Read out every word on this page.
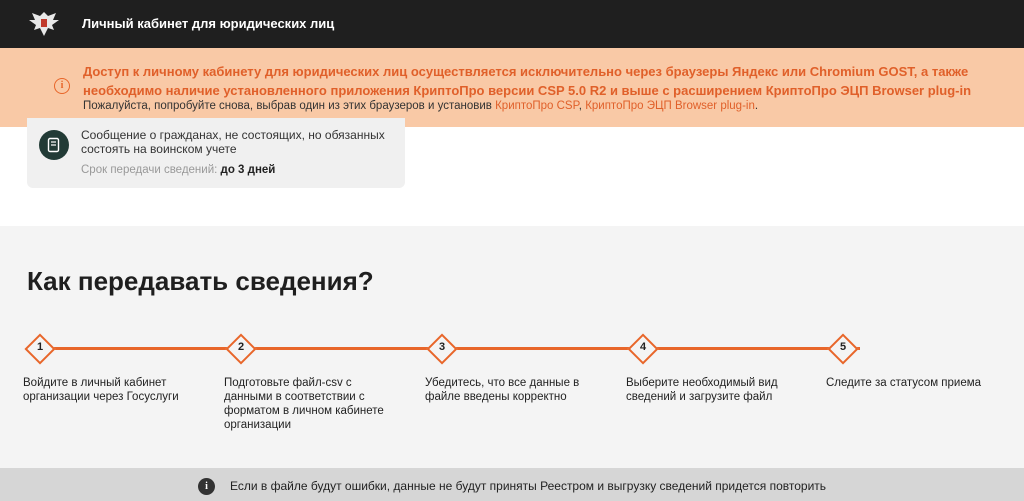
Личный кабинет для юридических лиц
i
Доступ к личному кабинету для юридических лиц осуществляется исключительно через браузеры Яндекс или Chromium GOST, а также необходимо наличие установленного приложения КриптоПро версии CSP 5.0 R2 и выше с расширением КриптоПро ЭЦП Browser plug-in
Пожалуйста, попробуйте снова, выбрав один из этих браузеров и установив КриптоПро CSP, КриптоПро ЭЦП Browser plug-in.
Сообщение о гражданах, не состоящих, но обязанных состоять на воинском учете
Срок передачи сведений: до 3 дней
Как передавать сведения?
1
Войдите в личный кабинет организации через Госуслуги
2
Подготовьте файл-csv с данными в соответствии с форматом в личном кабинете организации
3
Убедитесь, что все данные в файле введены корректно
4
Выберите необходимый вид сведений и загрузите файл
5
Следите за статусом приема
i	Если в файле будут ошибки, данные не будут приняты Реестром и выгрузку сведений придется повторить
